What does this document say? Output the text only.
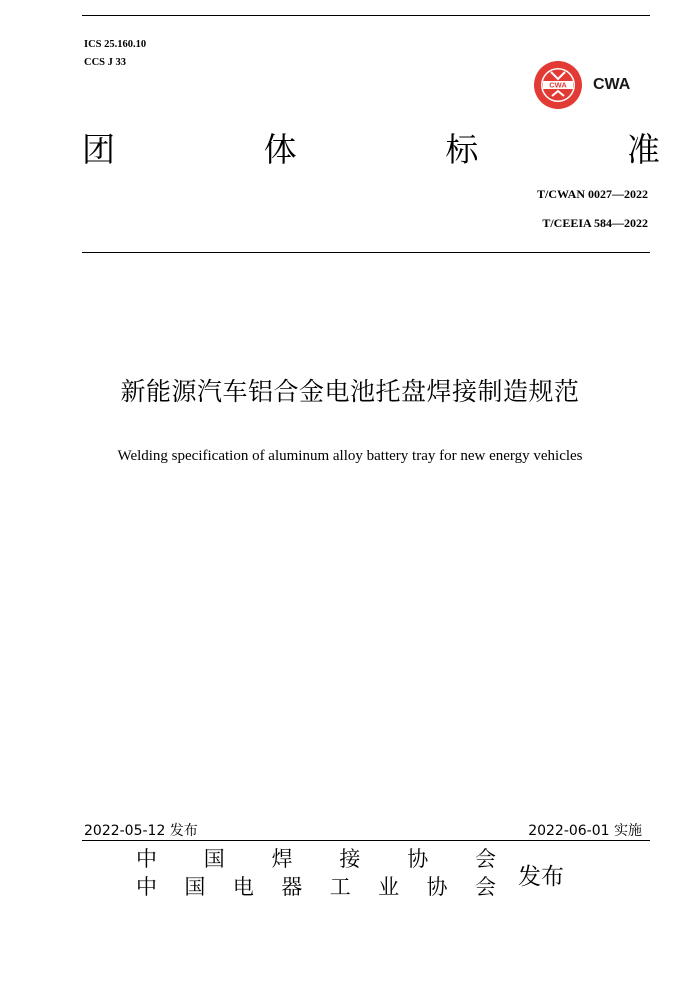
ICS 25.160.10
CCS J 33
CWA CWA
团	体	标	准
T/CWAN 0027—2022
T/CEEIA 584—2022
新能源汽车铝合金电池托盘焊接制造规范
Welding specification of aluminum alloy battery tray for new energy vehicles
2022-05-12 发布	2022-06-01 实施
中 国 焊 接 协 会
中 国 电 器 工 业 协 会 发布
